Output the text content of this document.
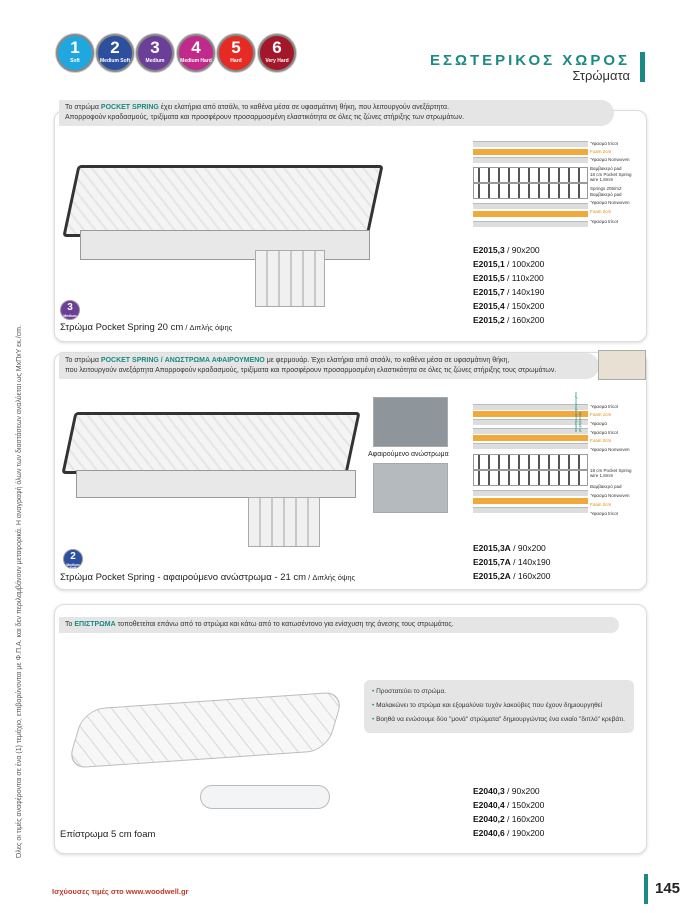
1
Soft
2
Medium Soft
3
Medium
4
Medium Hard
5
Hard
6
Very Hard	ΕΣΩΤΕΡΙΚΟΣ ΧΩΡΟΣ
Στρώματα
Όλες οι τιμές αναφέρονται σε ένα (1) τεμάχιο, επιβαρύνονται με Φ.Π.Α. και δεν περιλαμβάνουν μεταφορικά. Η αναγραφή όλων των διαστάσεων αναλύεται ως ΜxΠxΥ εκ./cm.
Το στρώμα POCKET SPRING έχει ελατήρια από ατσάλι, το καθένα μέσα σε υφασμάτινη θήκη, που λειτουργούν ανεξάρτητα.
Απορροφούν κραδασμούς, τριξίματα και προσφέρουν προσαρμοσμένη ελαστικότητα σε όλες τις ζώνες στήριξης των στρωμάτων.
3
Medium
Στρώμα Pocket Spring 20 cm / Διπλής όψης
Ύφασμα tricot
Foam 2cm
Ύφασμα Nonwoven
Βαμβακερό pad
18 cm Pocket Spring wire 1,8mm
Springs 205/m2
Βαμβακερό pad
Ύφασμα Nonwoven
Foam 2cm
Ύφασμα tricot
E2015,3 / 90x200
E2015,1 / 100x200
E2015,5 / 110x200
E2015,7 / 140x190
E2015,4 / 150x200
E2015,2 / 160x200
Το στρώμα POCKET SPRING / ΑΝΩΣΤΡΩΜΑ ΑΦΑΙΡΟΥΜΕΝΟ με φερμουάρ. Έχει ελατήρια από ατσάλι, το καθένα μέσα σε υφασμάτινη θήκη,
που λειτουργούν ανεξάρτητα Απορροφούν κραδασμούς, τριξίματα και προσφέρουν προσαρμοσμένη ελαστικότητα σε όλες τις ζώνες στήριξης τους στρωμάτων.
Αφαιρούμενο ανώστρωμα
2
Medium Soft
Στρώμα Pocket Spring - αφαιρούμενο ανώστρωμα - 21 cm / Διπλής όψης
ανώστρωμα αφαιρούμενο με φερμουάρ
Ύφασμα tricot
Foam 1cm
Ύφασμα
Ύφασμα tricot
Foam 2cm
Ύφασμα Nonwoven
18 cm Pocket Spring wire 1,8mm
Βαμβακερό pad
Ύφασμα Nonwoven
Foam 2cm
Ύφασμα tricot
E2015,3A / 90x200
E2015,7A / 140x190
E2015,2A / 160x200
Το ΕΠΙΣΤΡΩΜΑ τοποθετείται επάνω από το στρώμα και κάτω από το κατωσέντονο για ενίσχυση της άνεσης τους στρωμάτος.
• Προστατεύει το στρώμα.
• Μαλακώνει το στρώμα και εξομαλύνει τυχόν λακούβες που έχουν δημιουργηθεί
• Βοηθά να ενώσουμε δύο "μονά" στρώματα" δημιουργώντας ένα ενιαίο "διπλό" κρεβάτι.
Επίστρωμα 5 cm foam
E2040,3 / 90x200
E2040,4 / 150x200
E2040,2 / 160x200
E2040,6 / 190x200
Ισχύουσες τιμές στο www.woodwell.gr	145
